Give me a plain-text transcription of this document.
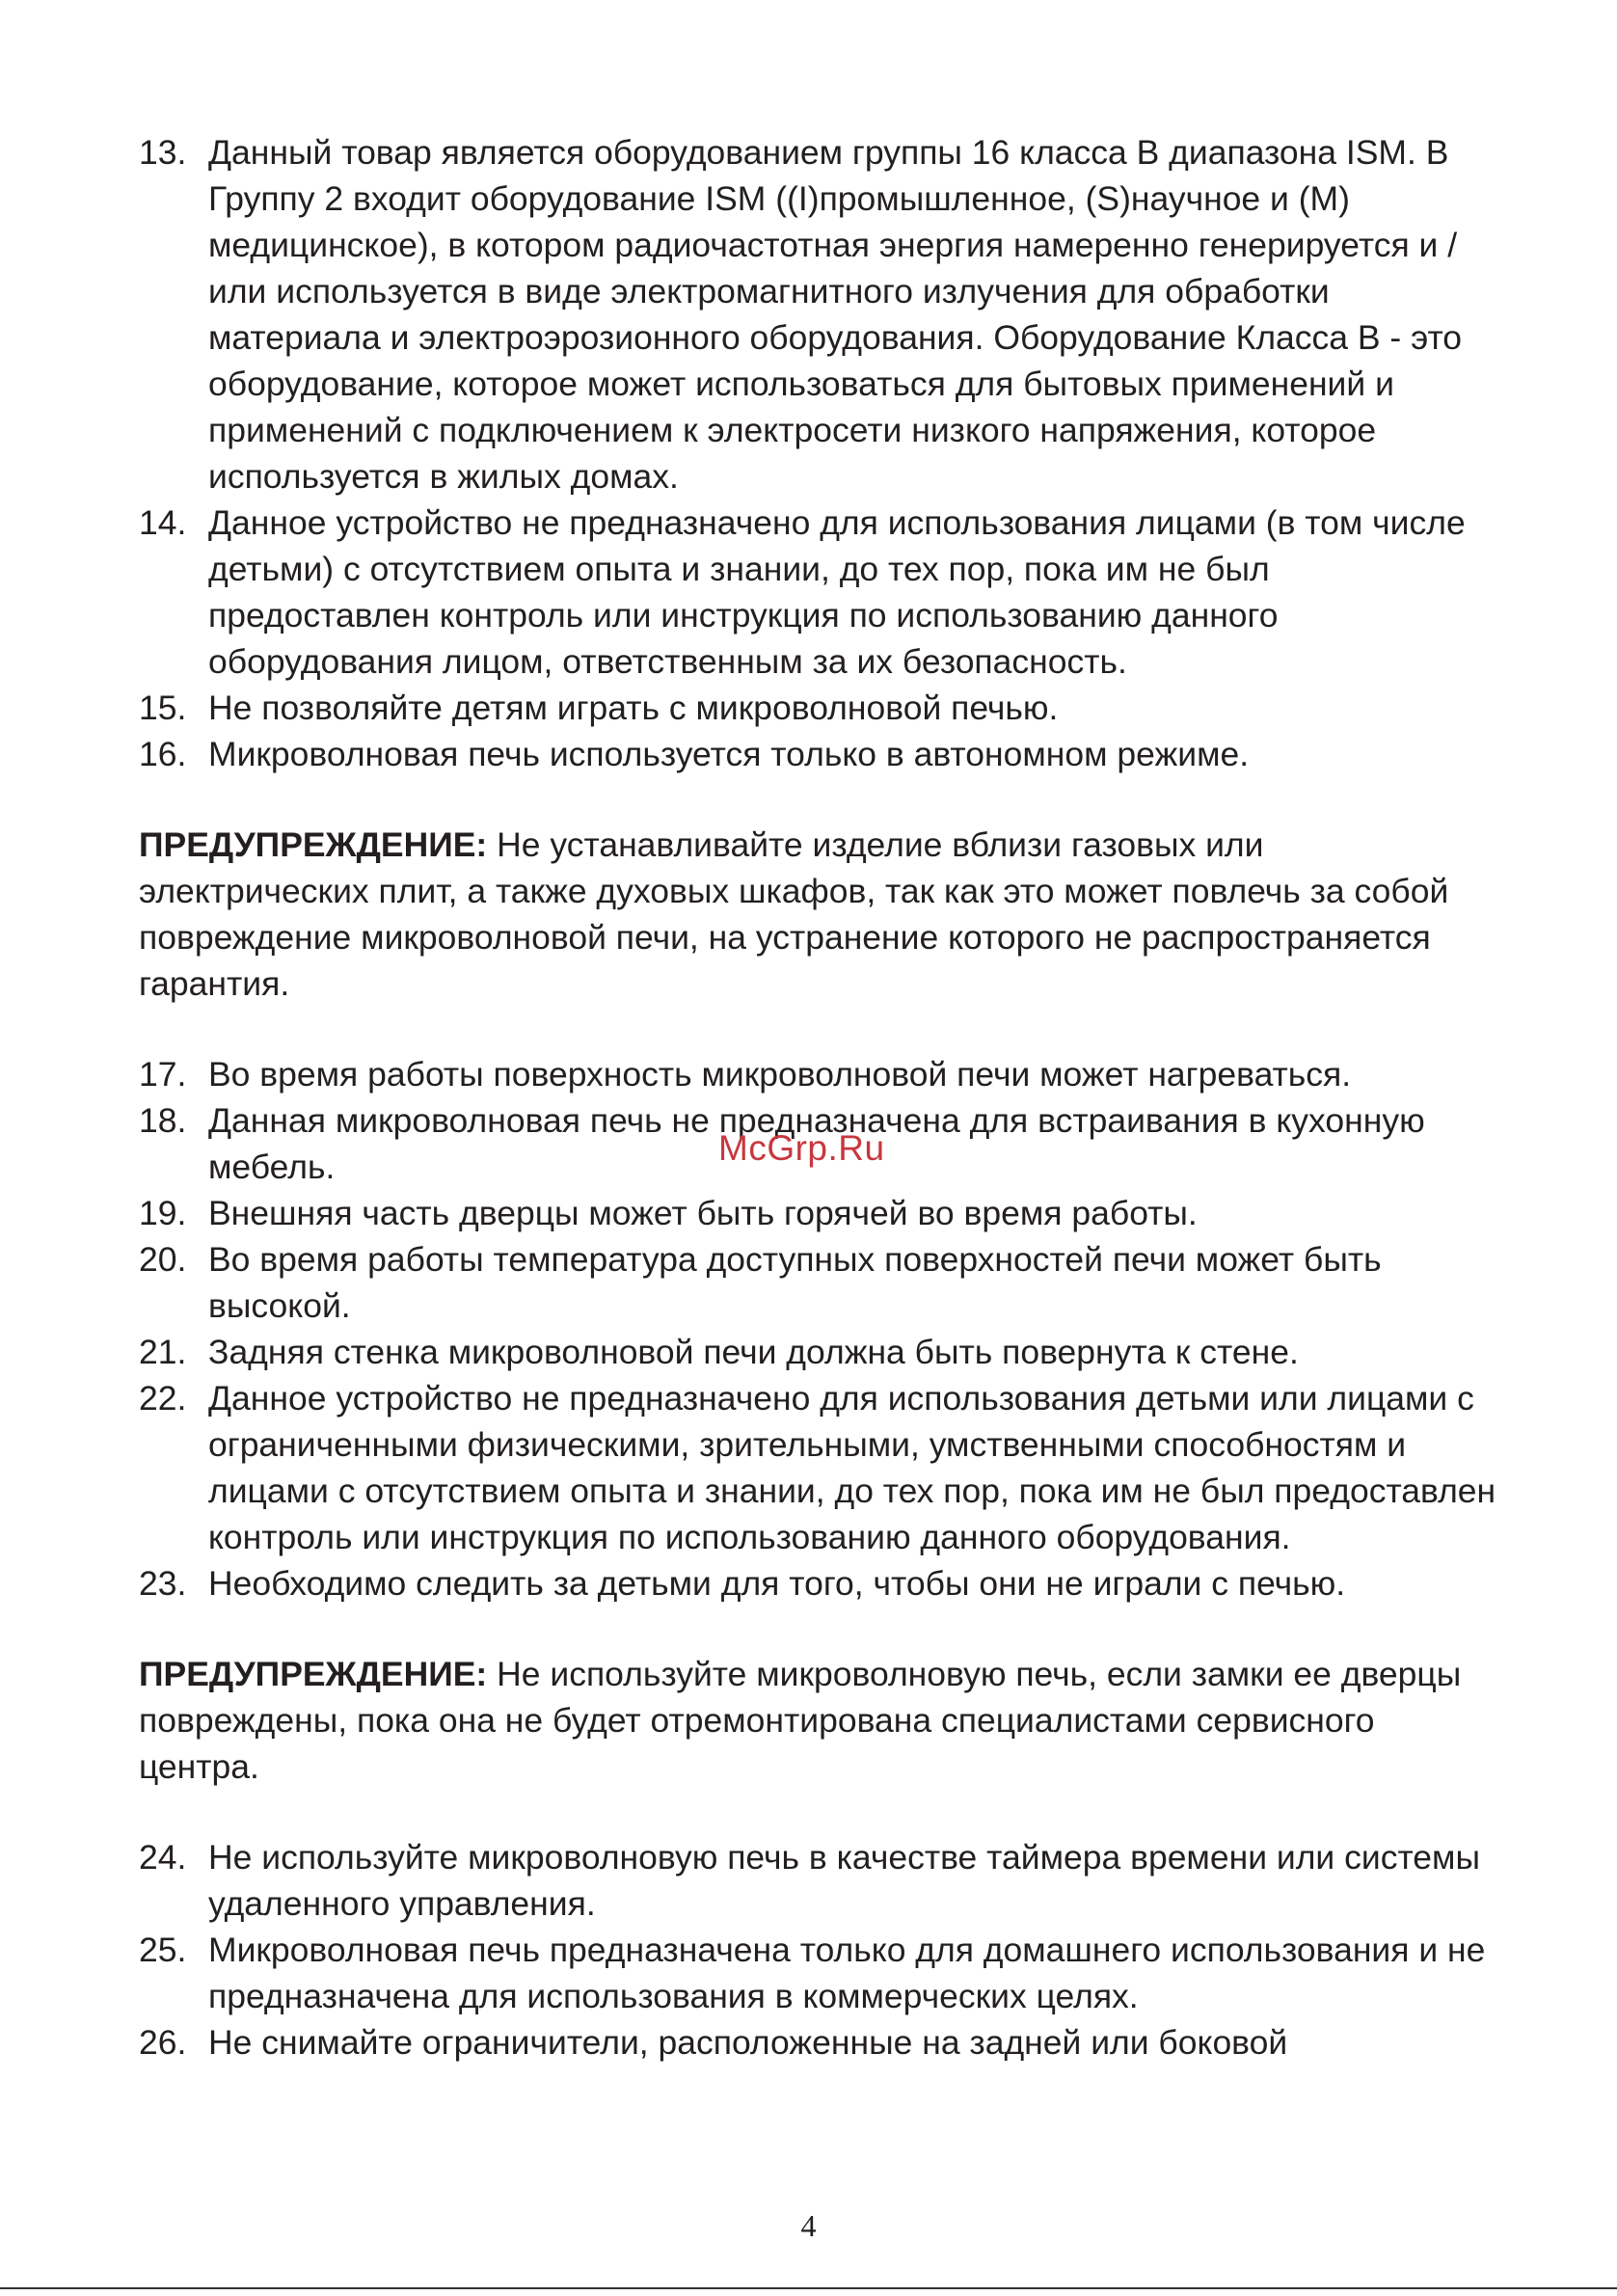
13. Данный товар является оборудованием группы 16 класса В диапазона ISM. В Группу 2 входит оборудование ISM ((I)промышленное, (S)научное и (M) медицинское), в котором радиочастотная энергия намеренно генерируется и / или используется в виде электромагнитного излучения для обработки материала и электроэрозионного оборудования. Оборудование Класса В - это оборудование, которое может использоваться для бытовых применений и применений с подключением к электросети низкого напряжения, которое используется в жилых домах.
14. Данное устройство не предназначено для использования лицами (в том числе детьми) с отсутствием опыта и знании, до тех пор, пока им не был предоставлен контроль или инструкция по использованию данного оборудования лицом, ответственным за их безопасность.
15. Не позволяйте детям играть с микроволновой печью.
16. Микроволновая печь используется только в автономном режиме.

ПРЕДУПРЕЖДЕНИЕ: Не устанавливайте изделие вблизи газовых или электрических плит, а также духовых шкафов, так как это может повлечь за собой повреждение микроволновой печи, на устранение которого не распространяется гарантия.

17. Во время работы поверхность микроволновой печи может нагреваться.
18. Данная микроволновая печь не предназначена для встраивания в кухонную мебель.
19. Внешняя часть дверцы может быть горячей во время работы.
20. Во время работы температура доступных поверхностей печи может быть высокой.
21. Задняя стенка микроволновой печи должна быть повернута к стене.
22. Данное устройство не предназначено для использования детьми или лицами с ограниченными физическими, зрительными, умственными способностям и лицами с отсутствием опыта и знании, до тех пор, пока им не был предоставлен контроль или инструкция по использованию данного оборудования.
23. Необходимо следить за детьми для того, чтобы они не играли с печью.

ПРЕДУПРЕЖДЕНИЕ: Не используйте микроволновую печь, если замки ее дверцы повреждены, пока она не будет отремонтирована специалистами сервисного центра.

24. Не используйте микроволновую печь в качестве таймера времени или системы удаленного управления.
25. Микроволновая печь предназначена только для домашнего использования и не предназначена для использования в коммерческих целях.
26. Не снимайте ограничители, расположенные на задней или боковой
McGrp.Ru
4
